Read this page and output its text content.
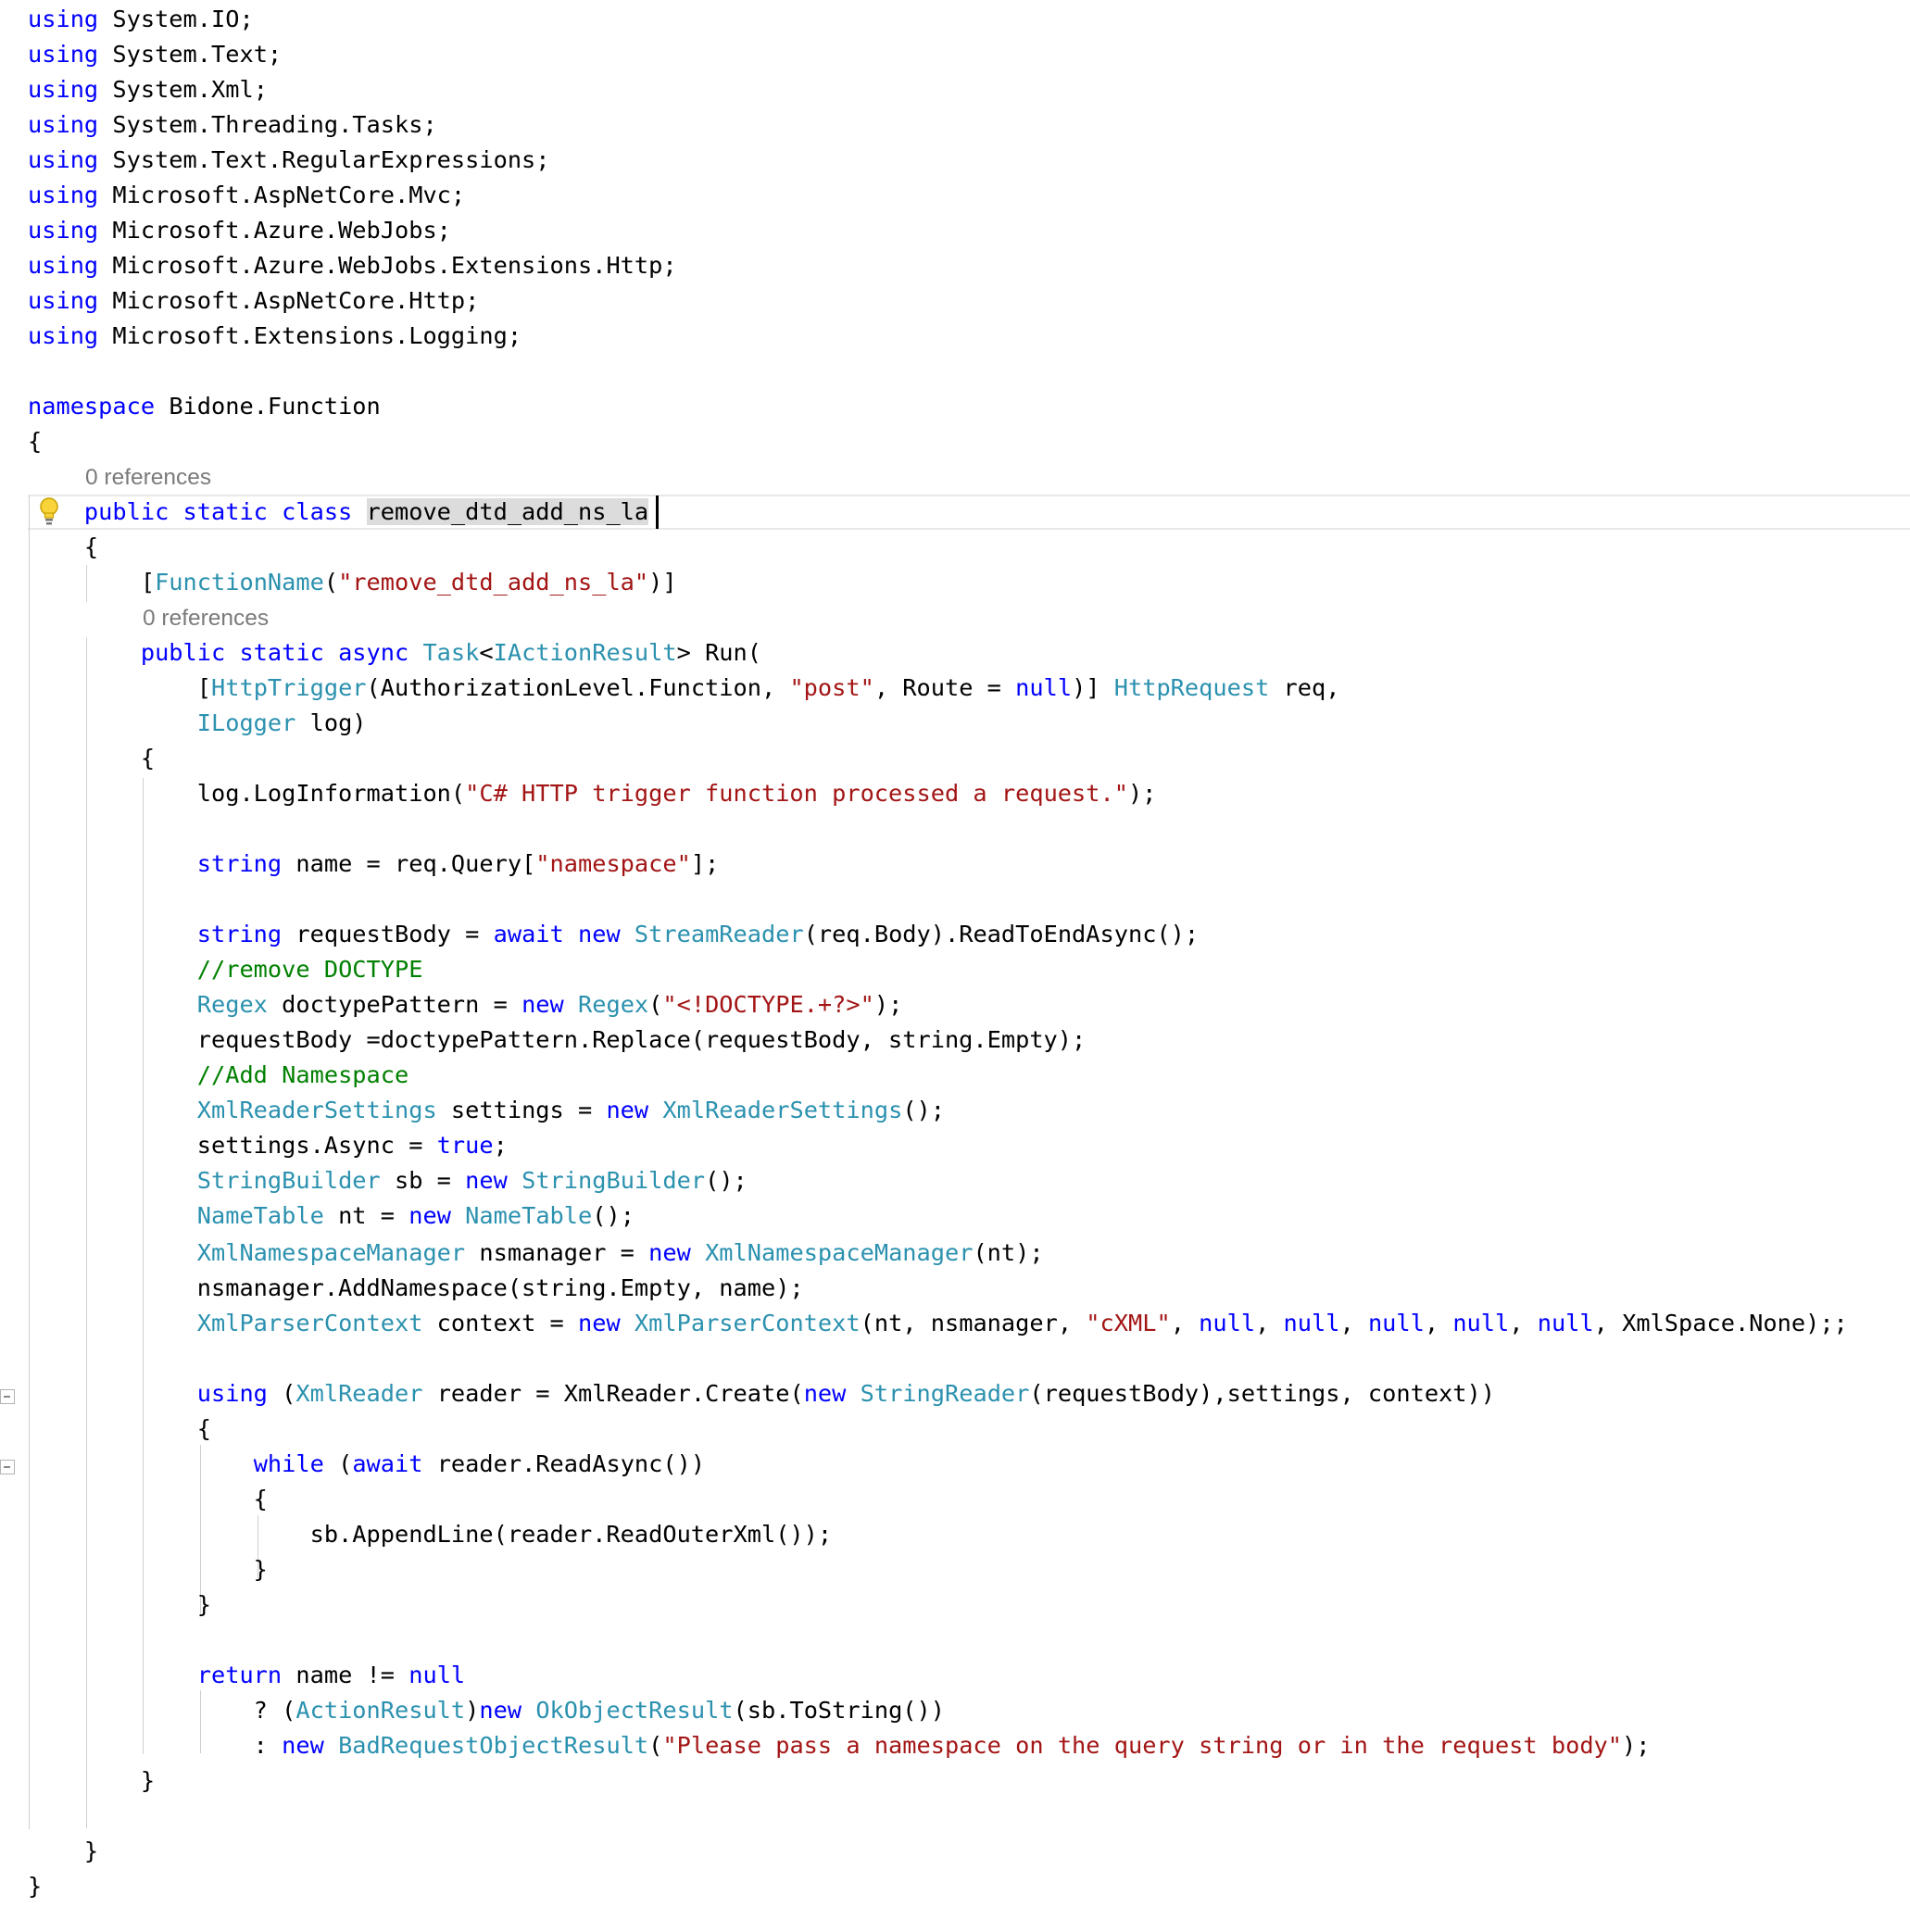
using System.IO;
using System.Text;
using System.Xml;
using System.Threading.Tasks;
using System.Text.RegularExpressions;
using Microsoft.AspNetCore.Mvc;
using Microsoft.Azure.WebJobs;
using Microsoft.Azure.WebJobs.Extensions.Http;
using Microsoft.AspNetCore.Http;
using Microsoft.Extensions.Logging;
namespace Bidone.Function
{
0 references
public static class remove_dtd_add_ns_la
{
[FunctionName("remove_dtd_add_ns_la")]
0 references
public static async Task<IActionResult> Run(
[HttpTrigger(AuthorizationLevel.Function, "post", Route = null)] HttpRequest req,
ILogger log)
{
log.LogInformation("C# HTTP trigger function processed a request.");
string name = req.Query["namespace"];
string requestBody = await new StreamReader(req.Body).ReadToEndAsync();
//remove DOCTYPE
Regex doctypePattern = new Regex("<!DOCTYPE.+?>");
requestBody =doctypePattern.Replace(requestBody, string.Empty);
//Add Namespace
XmlReaderSettings settings = new XmlReaderSettings();
settings.Async = true;
StringBuilder sb = new StringBuilder();
NameTable nt = new NameTable();
XmlNamespaceManager nsmanager = new XmlNamespaceManager(nt);
nsmanager.AddNamespace(string.Empty, name);
XmlParserContext context = new XmlParserContext(nt, nsmanager, "cXML", null, null, null, null, null, XmlSpace.None);;
using (XmlReader reader = XmlReader.Create(new StringReader(requestBody),settings, context))
{
while (await reader.ReadAsync())
{
sb.AppendLine(reader.ReadOuterXml());
}
}
return name != null
? (ActionResult)new OkObjectResult(sb.ToString())
: new BadRequestObjectResult("Please pass a namespace on the query string or in the request body");
}
}
}
